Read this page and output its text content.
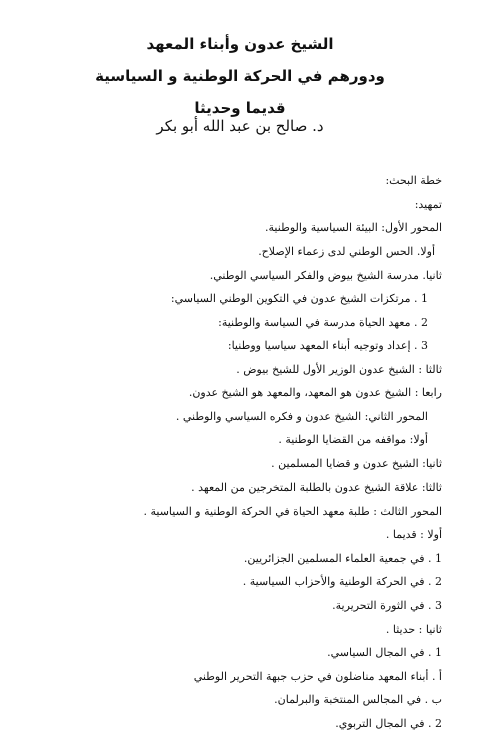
الشيخ عدون وأبناء المعهد
ودورهم في الحركة الوطنية و السياسية
قديما وحديثا
د. صالح بن عبد الله أبو بكر
خطة البحث:
تمهيد:
المحور الأول: البيئة السياسية والوطنية.
أولا. الحس الوطني لدى زعماء الإصلاح.
ثانيا. مدرسة الشيخ بيوض والفكر السياسي الوطني.
1 . مرتكزات الشيخ عدون في التكوين الوطني السياسي:
2 . معهد الحياة مدرسة في السياسة والوطنية:
3 . إعداد وتوجيه أبناء المعهد سياسيا ووطنيا:
ثالثا : الشيخ عدون الوزير الأول للشيخ بيوض .
رابعا : الشيخ عدون هو المعهد، والمعهد هو الشيخ عدون.
المحور الثاني: الشيخ عدون و فكره السياسي والوطني .
أولا: مواقفه من القضايا الوطنية .
ثانيا: الشيخ عدون و قضايا المسلمين .
ثالثا: علاقة الشيخ عدون بالطلبة المتخرجين من المعهد .
المحور الثالث : طلبة معهد الحياة في الحركة الوطنية و السياسية .
أولا : قديما .
1 . في جمعية العلماء المسلمين الجزائريين.
2 . في الحركة الوطنية والأحزاب السياسية .
3 . في الثورة التحريرية.
ثانيا : حديثا .
1 . في المجال السياسي.
أ . أبناء المعهد مناضلون في حزب جبهة التحرير الوطني
ب . في المجالس المنتخبة والبرلمان.
2 . في المجال التربوي.
